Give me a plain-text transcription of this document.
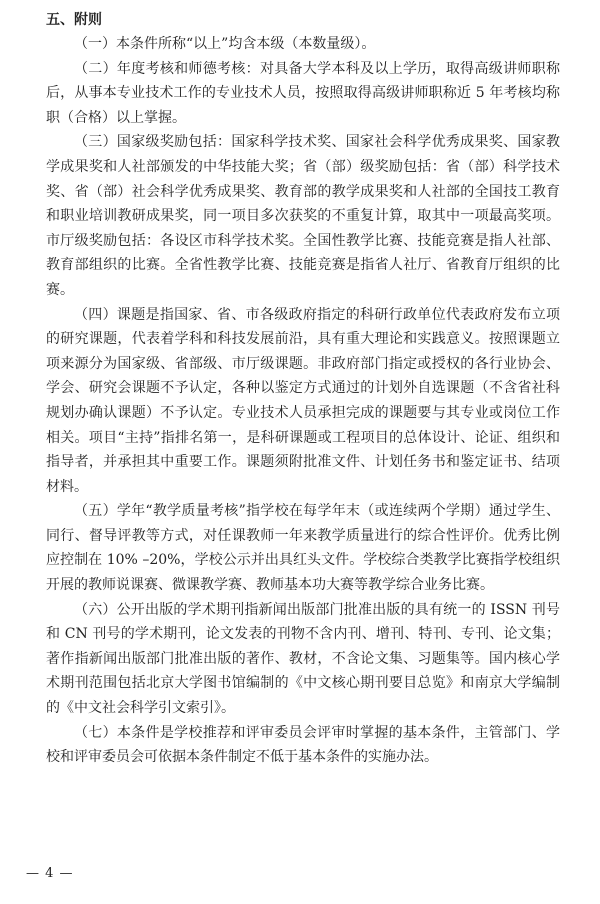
五、附则

（一）本条件所称“以上”均含本级（本数量级）。

（二）年度考核和师德考核：对具备大学本科及以上学历，取得高级讲师职称后，从事本专业技术工作的专业技术人员，按照取得高级讲师职称近 5 年考核均称职（合格）以上掌握。

（三）国家级奖励包括：国家科学技术奖、国家社会科学优秀成果奖、国家教学成果奖和人社部颁发的中华技能大奖；省（部）级奖励包括：省（部）科学技术奖、省（部）社会科学优秀成果奖、教育部的教学成果奖和人社部的全国技工教育和职业培训教研成果奖，同一项目多次获奖的不重复计算，取其中一项最高奖项。市厅级奖励包括：各设区市科学技术奖。全国性教学比赛、技能竞赛是指人社部、教育部组织的比赛。全省性教学比赛、技能竞赛是指省人社厅、省教育厅组织的比赛。

（四）课题是指国家、省、市各级政府指定的科研行政单位代表政府发布立项的研究课题，代表着学科和科技发展前沿，具有重大理论和实践意义。按照课题立项来源分为国家级、省部级、市厅级课题。非政府部门指定或授权的各行业协会、学会、研究会课题不予认定，各种以鉴定方式通过的计划外自选课题（不含省社科规划办确认课题）不予认定。专业技术人员承担完成的课题要与其专业或岗位工作相关。项目“主持”指排名第一，是科研课题或工程项目的总体设计、论证、组织和指导者，并承担其中重要工作。课题须附批准文件、计划任务书和鉴定证书、结项材料。

（五）学年“教学质量考核”指学校在每学年末（或连续两个学期）通过学生、同行、督导评教等方式，对任课教师一年来教学质量进行的综合性评价。优秀比例应控制在 10% –20%，学校公示并出具红头文件。学校综合类教学比赛指学校组织开展的教师说课赛、微课教学赛、教师基本功大赛等教学综合业务比赛。

（六）公开出版的学术期刊指新闻出版部门批准出版的具有统一的 ISSN 刊号和 CN 刊号的学术期刊，论文发表的刊物不含内刊、增刊、特刊、专刊、论文集；著作指新闻出版部门批准出版的著作、教材，不含论文集、习题集等。国内核心学术期刊范围包括北京大学图书馆编制的《中文核心期刊要目总览》和南京大学编制的《中文社会科学引文索引》。

（七）本条件是学校推荐和评审委员会评审时掌握的基本条件，主管部门、学校和评审委员会可依据本条件制定不低于基本条件的实施办法。

— 4 —
